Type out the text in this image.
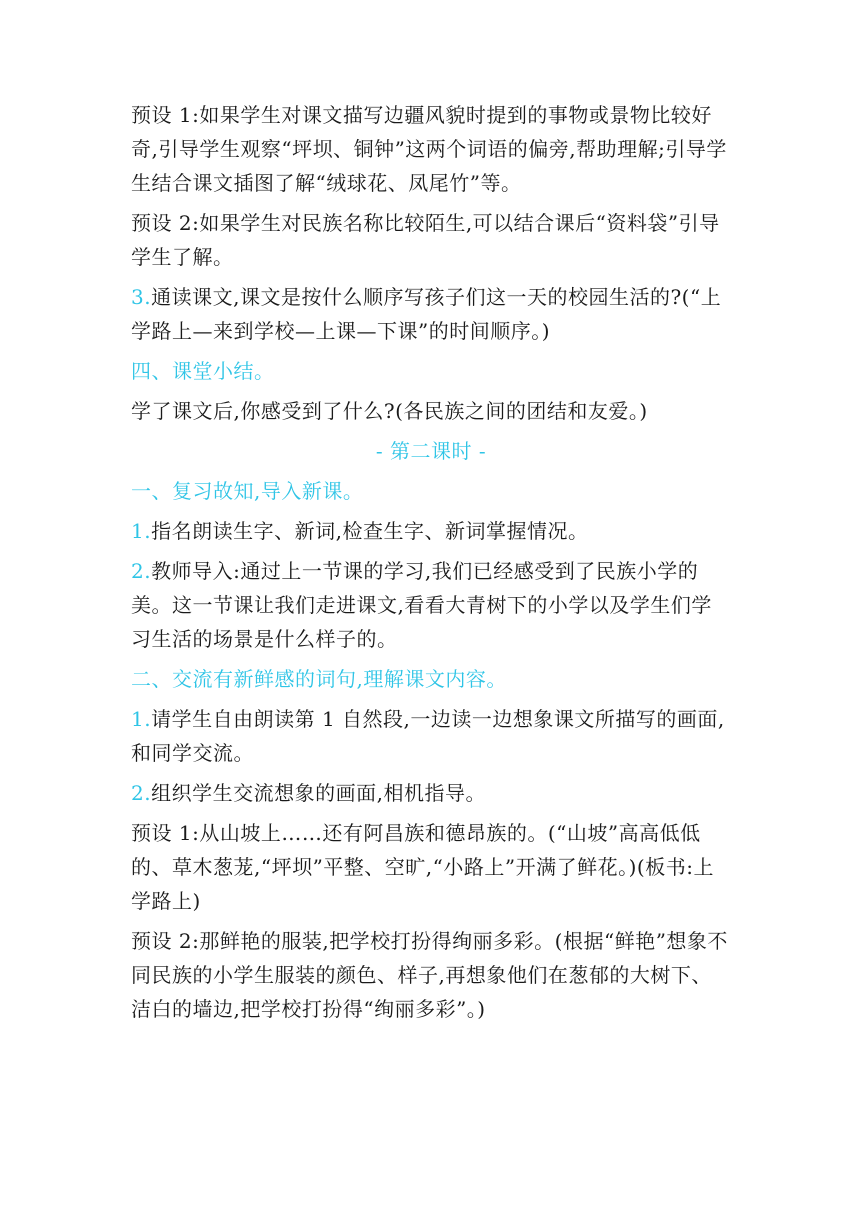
预设 1:如果学生对课文描写边疆风貌时提到的事物或景物比较好奇,引导学生观察“坪坝、铜钟”这两个词语的偏旁,帮助理解;引导学生结合课文插图了解“绒球花、凤尾竹”等。

预设 2:如果学生对民族名称比较陌生,可以结合课后“资料袋”引导学生了解。

3.通读课文,课文是按什么顺序写孩子们这一天的校园生活的?(“上学路上—来到学校—上课—下课”的时间顺序。)

四、课堂小结。

学了课文后,你感受到了什么?(各民族之间的团结和友爱。)

- 第二课时 -

一、复习故知,导入新课。

1.指名朗读生字、新词,检查生字、新词掌握情况。

2.教师导入:通过上一节课的学习,我们已经感受到了民族小学的美。这一节课让我们走进课文,看看大青树下的小学以及学生们学习生活的场景是什么样子的。

二、交流有新鲜感的词句,理解课文内容。

1.请学生自由朗读第 1 自然段,一边读一边想象课文所描写的画面,和同学交流。

2.组织学生交流想象的画面,相机指导。

预设 1:从山坡上……还有阿昌族和德昂族的。(“山坡”高高低低的、草木葱茏,“坪坝”平整、空旷,“小路上”开满了鲜花。)(板书:上学路上)

预设 2:那鲜艳的服装,把学校打扮得绚丽多彩。(根据“鲜艳”想象不同民族的小学生服装的颜色、样子,再想象他们在葱郁的大树下、洁白的墙边,把学校打扮得“绚丽多彩”。)
